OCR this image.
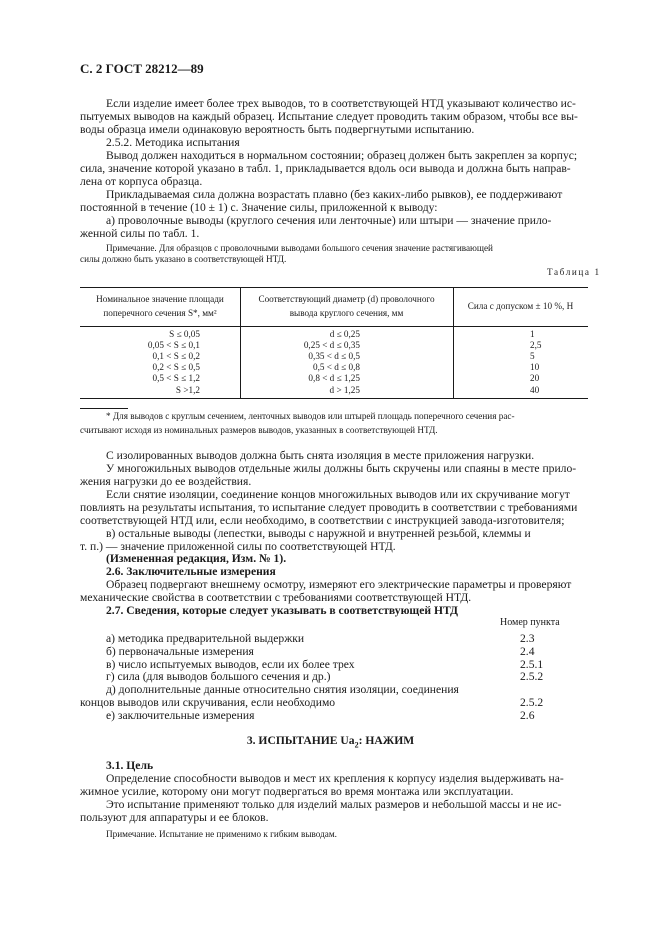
С. 2 ГОСТ 28212—89
Если изделие имеет более трех выводов, то в соответствующей НТД указывают количество ис-
пытуемых выводов на каждый образец. Испытание следует проводить таким образом, чтобы все вы-
воды образца имели одинаковую вероятность быть подвергнутыми испытанию.
2.5.2. Методика испытания
Вывод должен находиться в нормальном состоянии; образец должен быть закреплен за корпус;
сила, значение которой указано в табл. 1, прикладывается вдоль оси вывода и должна быть направ-
лена от корпуса образца.
Прикладываемая сила должна возрастать плавно (без каких-либо рывков), ее поддерживают
постоянной в течение (10 ± 1) с. Значение силы, приложенной к выводу:
а) проволочные выводы (круглого сечения или ленточные) или штыри — значение прило-
женной силы по табл. 1.
Примечание. Для образцов с проволочными выводами большого сечения значение растягивающей
силы должно быть указано в соответствующей НТД.
Таблица 1
Номинальное значение площади
поперечного сечения S*, мм²
Соответствующий диаметр (d) проволочного
вывода круглого сечения, мм
Сила с допуском ± 10 %, Н
S ≤ 0,05	d ≤ 0,25	1
0,05 < S ≤ 0,1	0,25 < d ≤ 0,35	2,5
0,1 < S ≤ 0,2	0,35 < d ≤ 0,5	5
0,2 < S ≤ 0,5	0,5 < d ≤ 0,8	10
0,5 < S ≤ 1,2	0,8 < d ≤ 1,25	20
S >1,2	d > 1,25	40
* Для выводов с круглым сечением, ленточных выводов или штырей площадь поперечного сечения рас-
считывают исходя из номинальных размеров выводов, указанных в соответствующей НТД.
С изолированных выводов должна быть снята изоляция в месте приложения нагрузки.
У многожильных выводов отдельные жилы должны быть скручены или спаяны в месте прило-
жения нагрузки до ее воздействия.
Если снятие изоляции, соединение концов многожильных выводов или их скручивание могут
повлиять на результаты испытания, то испытание следует проводить в соответствии с требованиями
соответствующей НТД или, если необходимо, в соответствии с инструкцией завода-изготовителя;
в) остальные выводы (лепестки, выводы с наружной и внутренней резьбой, клеммы и
т. п.) — значение приложенной силы по соответствующей НТД.
(Измененная редакция, Изм. № 1).
2.6. Заключительные измерения
Образец подвергают внешнему осмотру, измеряют его электрические параметры и проверяют
механические свойства в соответствии с требованиями соответствующей НТД.
2.7. Сведения, которые следует указывать в соответствующей НТД
Номер пункта
а) методика предварительной выдержки	2.3
б) первоначальные измерения	2.4
в) число испытуемых выводов, если их более трех	2.5.1
г) сила (для выводов большого сечения и др.)	2.5.2
д) дополнительные данные относительно снятия изоляции, соединения
концов выводов или скручивания, если необходимо	2.5.2
е) заключительные измерения	2.6
3. ИСПЫТАНИЕ $Ua_2$: НАЖИМ
3.1. Цель
Определение способности выводов и мест их крепления к корпусу изделия выдерживать на-
жимное усилие, которому они могут подвергаться во время монтажа или эксплуатации.
Это испытание применяют только для изделий малых размеров и небольшой массы и не ис-
пользуют для аппаратуры и ее блоков.
Примечание. Испытание не применимо к гибким выводам.
